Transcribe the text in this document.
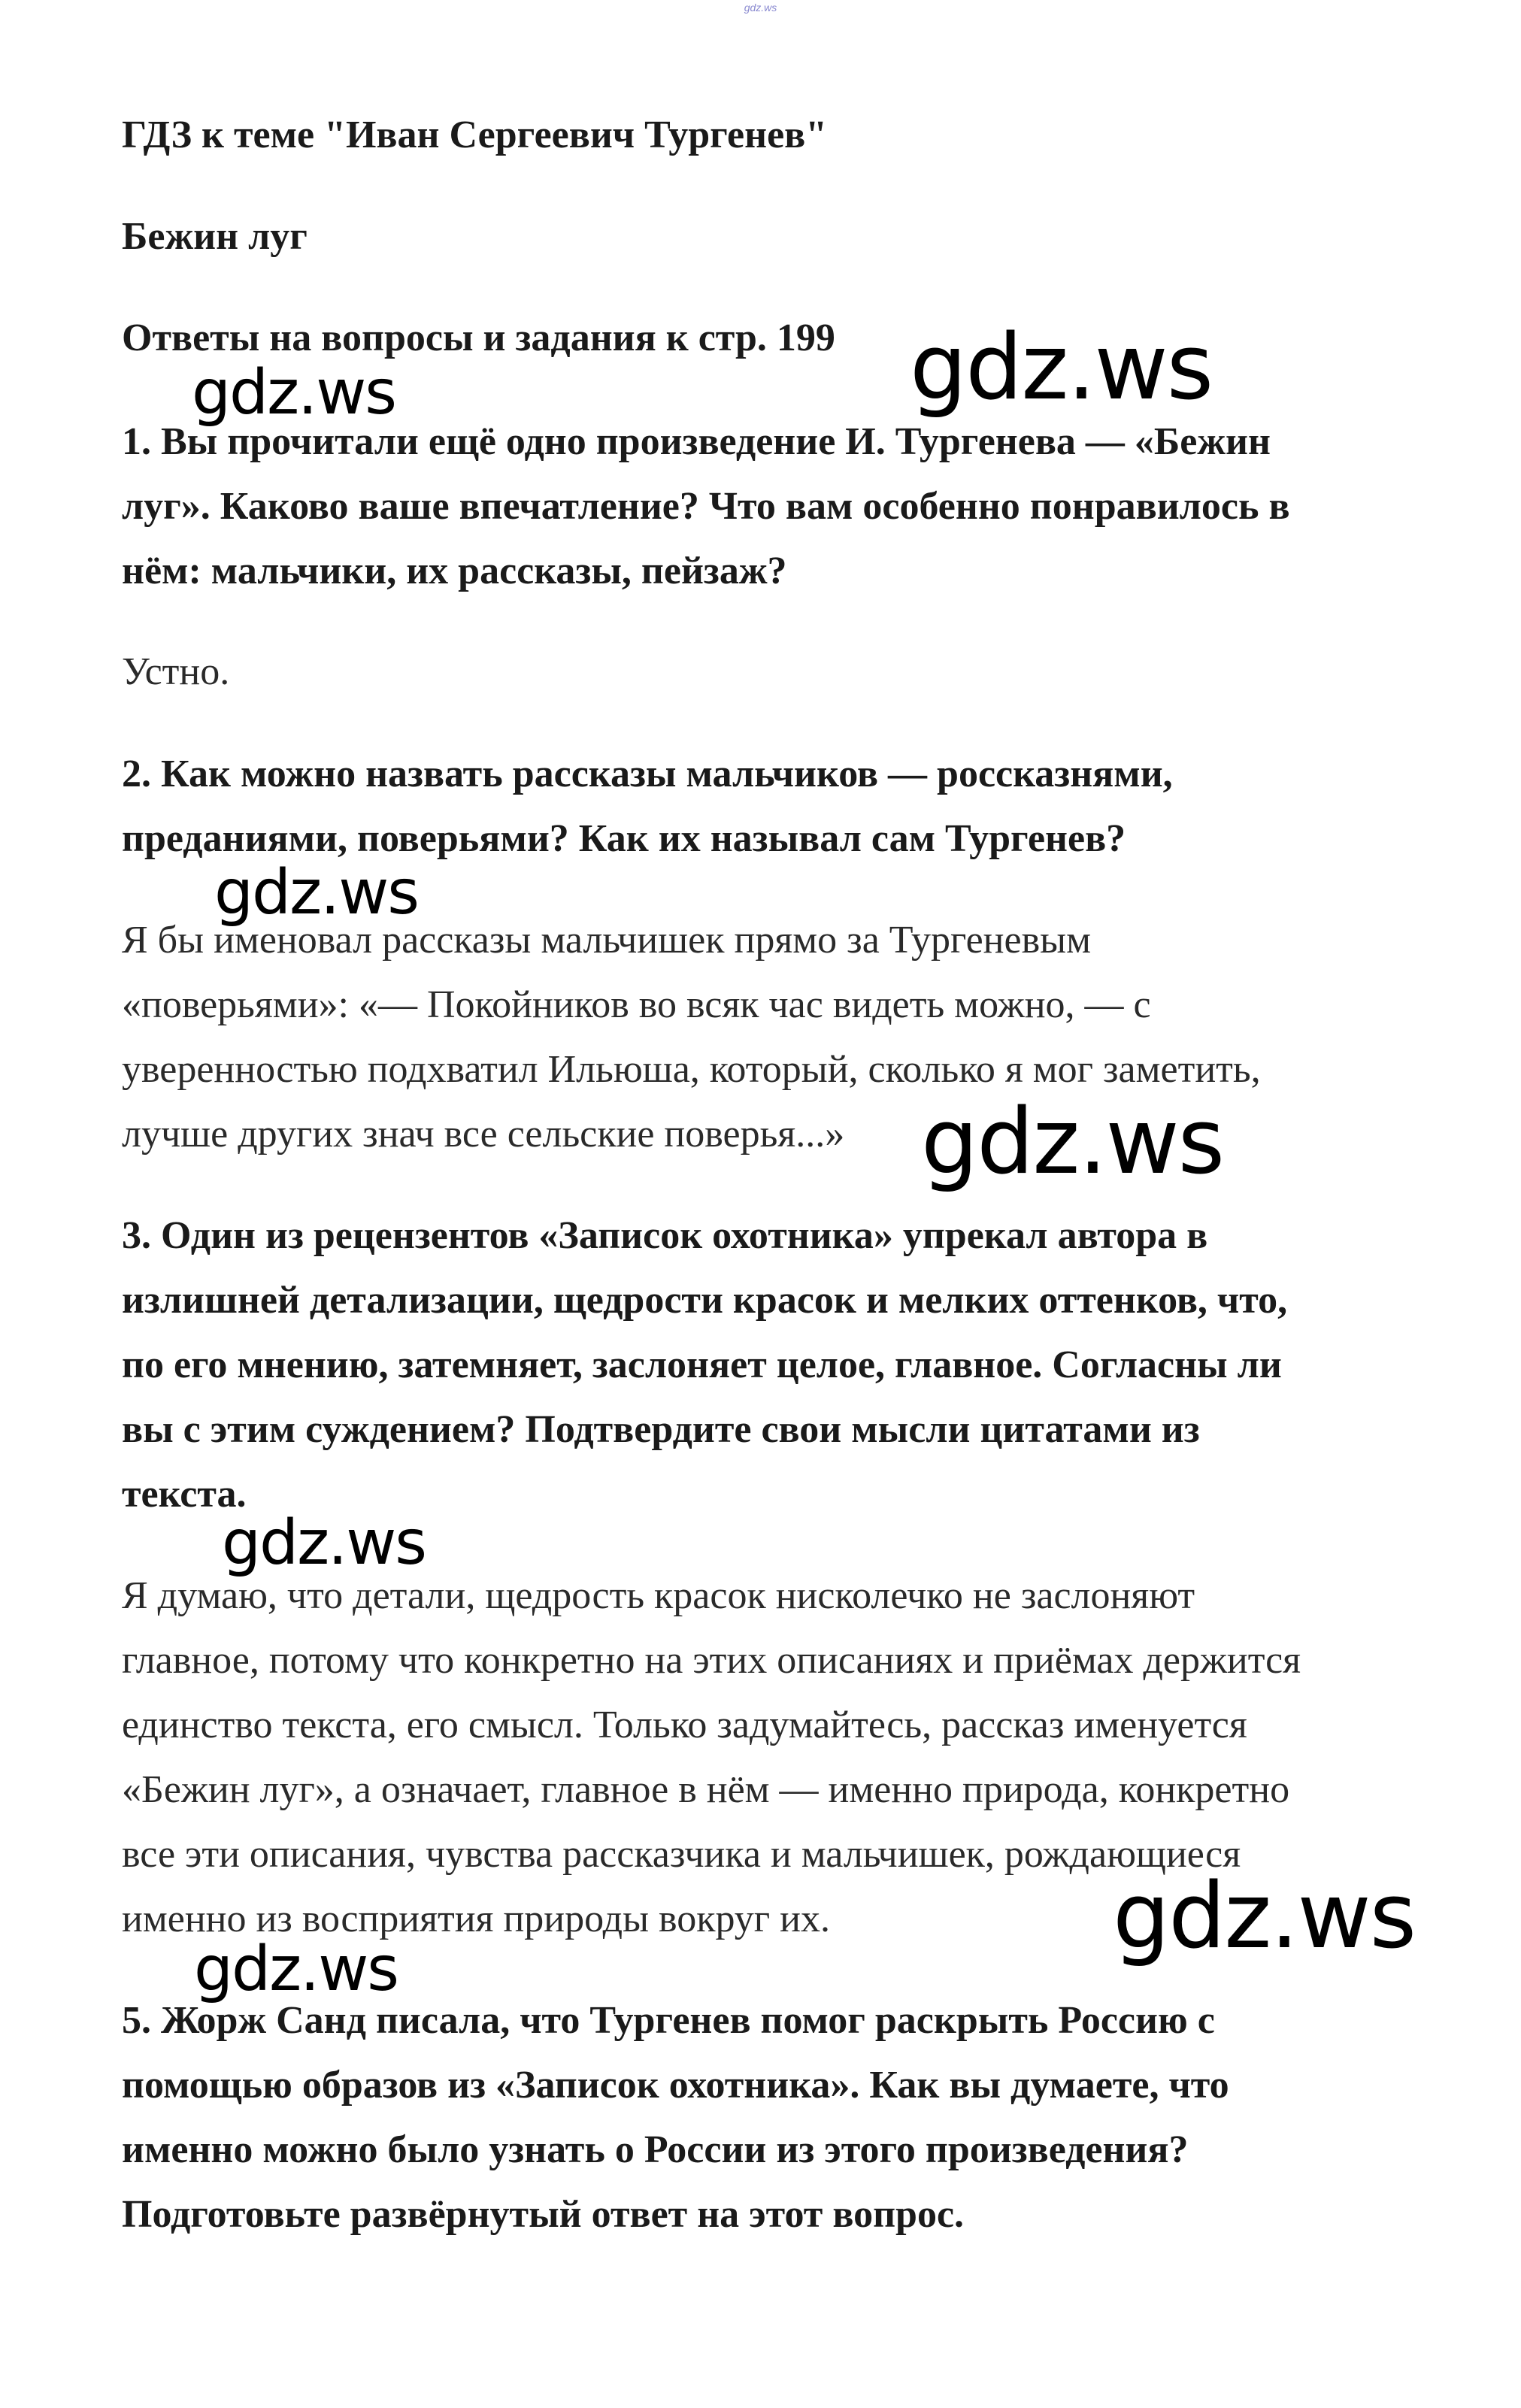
gdz.ws
ГДЗ к теме "Иван Сергеевич Тургенев"
Бежин луг
Ответы на вопросы и задания к стр. 199
1. Вы прочитали ещё одно произведение И. Тургенева — «Бежин
луг». Каково ваше впечатление? Что вам особенно понравилось в
нём: мальчики, их рассказы, пейзаж?
Устно.
2. Как можно назвать рассказы мальчиков — россказнями,
преданиями, поверьями? Как их называл сам Тургенев?
Я бы именовал рассказы мальчишек прямо за Тургеневым
«поверьями»: «— Покойников во всяк час видеть можно, — с
уверенностью подхватил Ильюша, который, сколько я мог заметить,
лучше других знач все сельские поверья...»
3. Один из рецензентов «Записок охотника» упрекал автора в
излишней детализации, щедрости красок и мелких оттенков, что,
по его мнению, затемняет, заслоняет целое, главное. Согласны ли
вы с этим суждением? Подтвердите свои мысли цитатами из
текста.
Я думаю, что детали, щедрость красок нисколечко не заслоняют
главное, потому что конкретно на этих описаниях и приёмах держится
единство текста, его смысл. Только задумайтесь, рассказ именуется
«Бежин луг», а означает, главное в нём — именно природа, конкретно
все эти описания, чувства рассказчика и мальчишек, рождающиеся
именно из восприятия природы вокруг их.
5. Жорж Санд писала, что Тургенев помог раскрыть Россию с
помощью образов из «Записок охотника». Как вы думаете, что
именно можно было узнать о России из этого произведения?
Подготовьте развёрнутый ответ на этот вопрос.
gdz.ws
gdz.ws
gdz.ws
gdz.ws
gdz.ws
gdz.ws
gdz.ws
